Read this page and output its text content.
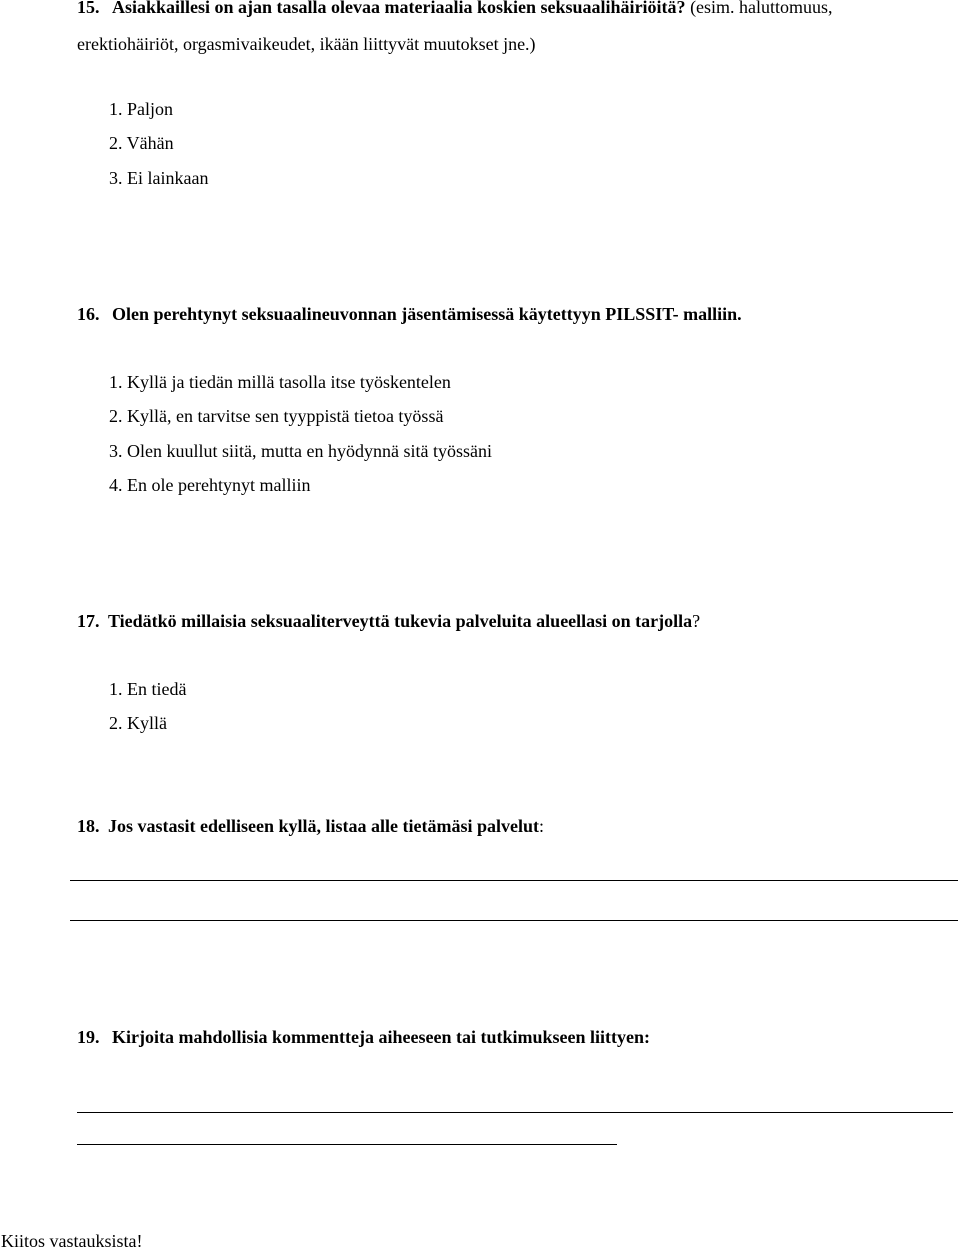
15. Asiakkaillesi on ajan tasalla olevaa materiaalia koskien seksuaalihäiriöitä? (esim. haluttomuus,
erektiohäiriöt, orgasmivaikeudet, ikään liittyvät muutokset jne.)
1. Paljon
2. Vähän
3. Ei lainkaan
16. Olen perehtynyt seksuaalineuvonnan jäsentämisessä käytettyyn PILSSIT- malliin.
1. Kyllä ja tiedän millä tasolla itse työskentelen
2. Kyllä, en tarvitse sen tyyppistä tietoa työssä
3. Olen kuullut siitä, mutta en hyödynnä sitä työssäni
4. En ole perehtynyt malliin
17. Tiedätkö millaisia seksuaaliterveyttä tukevia palveluita alueellasi on tarjolla?
1. En tiedä
2. Kyllä
18. Jos vastasit edelliseen kyllä, listaa alle tietämäsi palvelut:
19. Kirjoita mahdollisia kommentteja aiheeseen tai tutkimukseen liittyen:
Kiitos vastauksista!
